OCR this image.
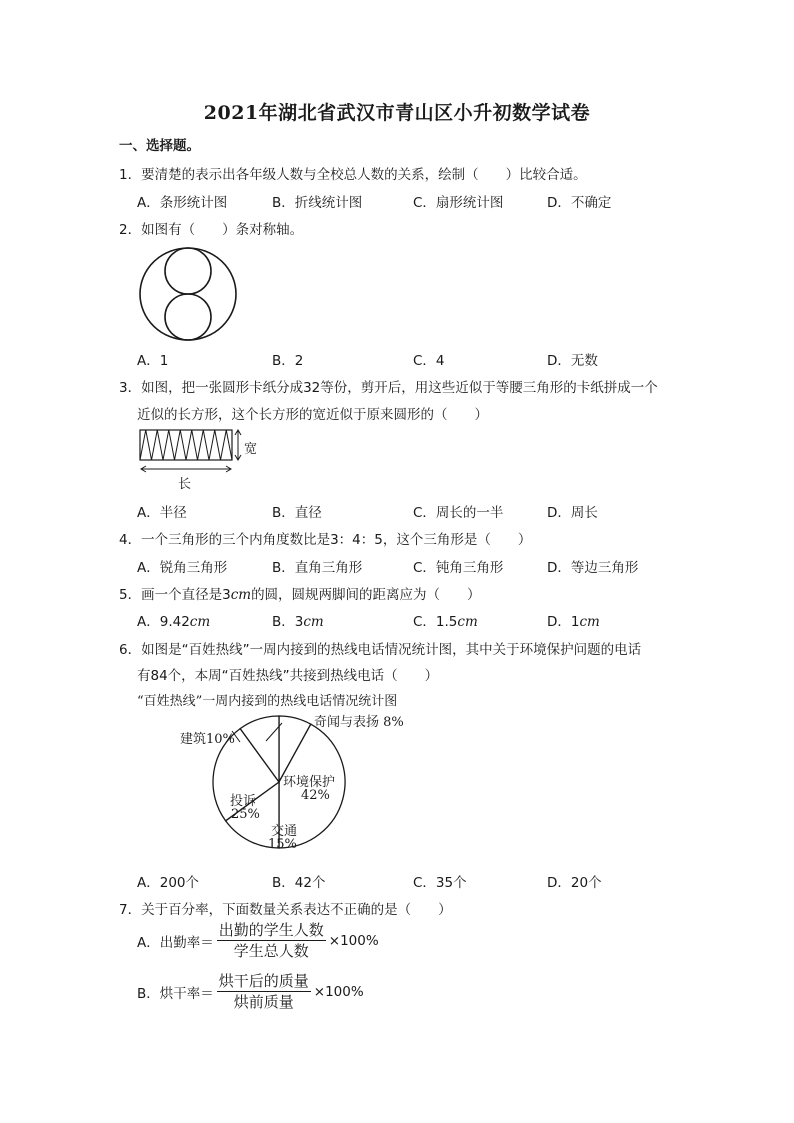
2021年湖北省武汉市青山区小升初数学试卷
一、选择题。
1．要清楚的表示出各年级人数与全校总人数的关系，绘制（　　）比较合适。
A．条形统计图	B．折线统计图	C．扇形统计图	D．不确定
2．如图有（　　）条对称轴。
A．1	B．2	C．4	D．无数
3．如图，把一张圆形卡纸分成32等份，剪开后，用这些近似于等腰三角形的卡纸拼成一个
近似的长方形，这个长方形的宽近似于原来圆形的（　　）
宽
长
A．半径	B．直径	C．周长的一半	D．周长
4．一个三角形的三个内角度数比是3：4：5，这个三角形是（　　）
A．锐角三角形	B．直角三角形	C．钝角三角形	D．等边三角形
5．画一个直径是3cm的圆，圆规两脚间的距离应为（　　）
A．9.42cm	B．3cm	C．1.5cm	D．1cm
6．如图是“百姓热线”一周内接到的热线电话情况统计图，其中关于环境保护问题的电话
有84个，本周“百姓热线”共接到热线电话（　　）
“百姓热线”一周内接到的热线电话情况统计图
奇闻与表扬 8%
建筑10%
环境保护
42%
投诉
25%
交通
15%
A．200个	B．42个	C．35个	D．20个
7．关于百分率，下面数量关系表达不正确的是（　　）
A．出勤率＝ $\frac{\text{出勤的学生人数}}{\text{学生总人数}} \times 100\%$
B．烘干率＝ $\frac{\text{烘干后的质量}}{\text{烘前质量}} \times 100\%$
